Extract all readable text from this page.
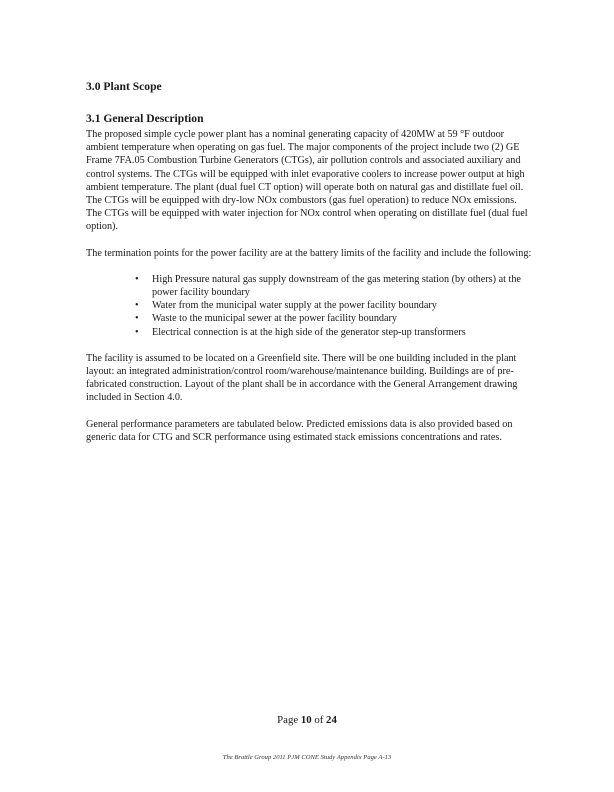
3.0 Plant Scope
3.1 General Description

The proposed simple cycle power plant has a nominal generating capacity of 420MW at 59 °F outdoor ambient temperature when operating on gas fuel. The major components of the project include two (2) GE Frame 7FA.05 Combustion Turbine Generators (CTGs), air pollution controls and associated auxiliary and control systems. The CTGs will be equipped with inlet evaporative coolers to increase power output at high ambient temperature. The plant (dual fuel CT option) will operate both on natural gas and distillate fuel oil. The CTGs will be equipped with dry-low NOx combustors (gas fuel operation) to reduce NOx emissions. The CTGs will be equipped with water injection for NOx control when operating on distillate fuel (dual fuel option).

The termination points for the power facility are at the battery limits of the facility and include the following:

• High Pressure natural gas supply downstream of the gas metering station (by others) at the power facility boundary
• Water from the municipal water supply at the power facility boundary
• Waste to the municipal sewer at the power facility boundary
• Electrical connection is at the high side of the generator step-up transformers

The facility is assumed to be located on a Greenfield site. There will be one building included in the plant layout: an integrated administration/control room/warehouse/maintenance building. Buildings are of pre-fabricated construction. Layout of the plant shall be in accordance with the General Arrangement drawing included in Section 4.0.

General performance parameters are tabulated below. Predicted emissions data is also provided based on generic data for CTG and SCR performance using estimated stack emissions concentrations and rates.

Page 10 of 24
The Brattle Group 2011 PJM CONE Study Appendix Page A-13
